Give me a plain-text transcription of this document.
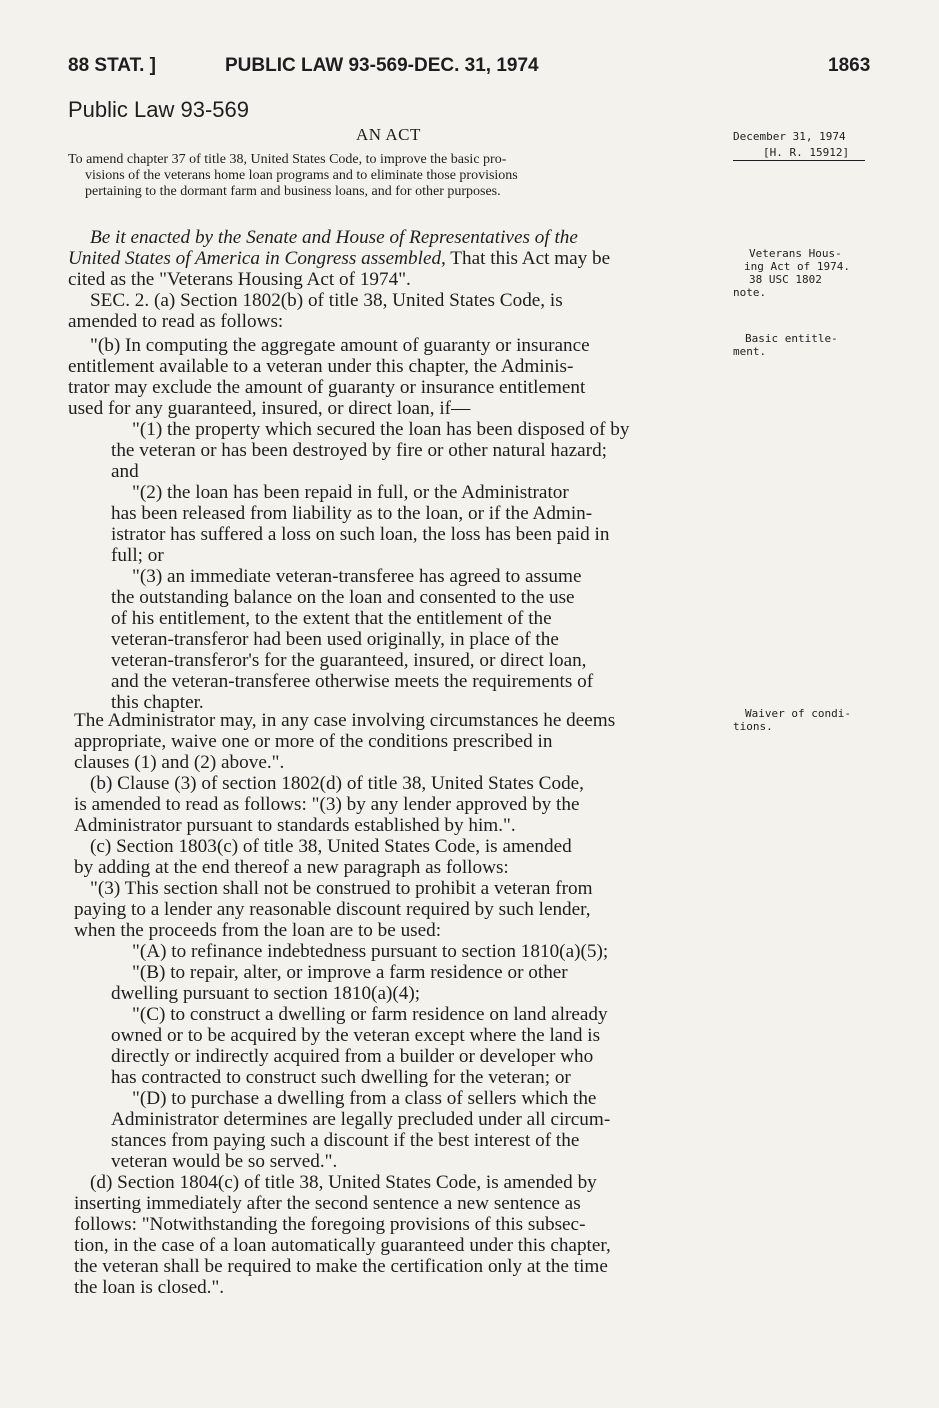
88 STAT. ]	PUBLIC LAW 93-569-DEC. 31, 1974	1863
Public Law 93-569
AN ACT
To amend chapter 37 of title 38, United States Code, to improve the basic pro-
visions of the veterans home loan programs and to eliminate those provisions
pertaining to the dormant farm and business loans, and for other purposes.
December 31, 1974
[H. R. 15912]
Veterans Hous-
ing Act of 1974.
38 USC 1802
note.
Basic entitle-
ment.
Waiver of condi-
tions.
Be it enacted by the Senate and House of Representatives of the
United States of America in Congress assembled, That this Act may be
cited as the "Veterans Housing Act of 1974".
SEC. 2. (a) Section 1802(b) of title 38, United States Code, is
amended to read as follows:
"(b) In computing the aggregate amount of guaranty or insurance
entitlement available to a veteran under this chapter, the Adminis-
trator may exclude the amount of guaranty or insurance entitlement
used for any guaranteed, insured, or direct loan, if—
"(1) the property which secured the loan has been disposed of by
the veteran or has been destroyed by fire or other natural hazard;
and
"(2) the loan has been repaid in full, or the Administrator
has been released from liability as to the loan, or if the Admin-
istrator has suffered a loss on such loan, the loss has been paid in
full; or
"(3) an immediate veteran-transferee has agreed to assume
the outstanding balance on the loan and consented to the use
of his entitlement, to the extent that the entitlement of the
veteran-transferor had been used originally, in place of the
veteran-transferor's for the guaranteed, insured, or direct loan,
and the veteran-transferee otherwise meets the requirements of
this chapter.
The Administrator may, in any case involving circumstances he deems
appropriate, waive one or more of the conditions prescribed in
clauses (1) and (2) above.".
(b) Clause (3) of section 1802(d) of title 38, United States Code,
is amended to read as follows: "(3) by any lender approved by the
Administrator pursuant to standards established by him.".
(c) Section 1803(c) of title 38, United States Code, is amended
by adding at the end thereof a new paragraph as follows:
"(3) This section shall not be construed to prohibit a veteran from
paying to a lender any reasonable discount required by such lender,
when the proceeds from the loan are to be used:
"(A) to refinance indebtedness pursuant to section 1810(a)(5);
"(B) to repair, alter, or improve a farm residence or other
dwelling pursuant to section 1810(a)(4);
"(C) to construct a dwelling or farm residence on land already
owned or to be acquired by the veteran except where the land is
directly or indirectly acquired from a builder or developer who
has contracted to construct such dwelling for the veteran; or
"(D) to purchase a dwelling from a class of sellers which the
Administrator determines are legally precluded under all circum-
stances from paying such a discount if the best interest of the
veteran would be so served.".
(d) Section 1804(c) of title 38, United States Code, is amended by
inserting immediately after the second sentence a new sentence as
follows: "Notwithstanding the foregoing provisions of this subsec-
tion, in the case of a loan automatically guaranteed under this chapter,
the veteran shall be required to make the certification only at the time
the loan is closed.".
